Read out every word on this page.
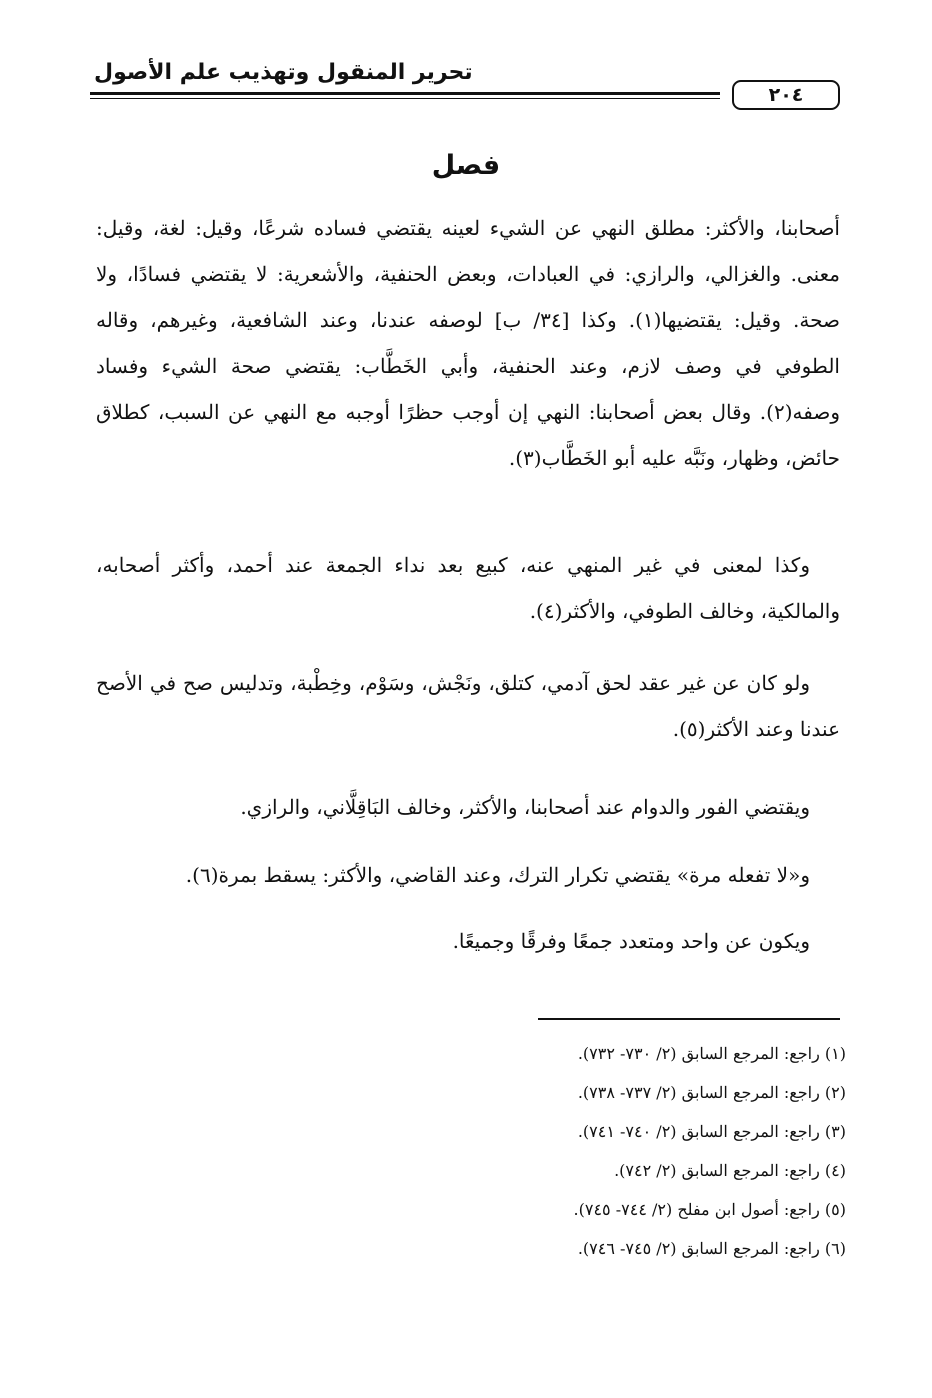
تحرير المنقول وتهذيب علم الأصول
٢٠٤
فصل

أصحابنا، والأكثر: مطلق النهي عن الشيء لعينه يقتضي فساده شرعًا، وقيل: لغة، وقيل: معنى. والغزالي، والرازي: في العبادات، وبعض الحنفية، والأشعرية: لا يقتضي فسادًا، ولا صحة. وقيل: يقتضيها(١). وكذا [٣٤/ ب] لوصفه عندنا، وعند الشافعية، وغيرهم، وقاله الطوفي في وصف لازم، وعند الحنفية، وأبي الخَطَّاب: يقتضي صحة الشيء وفساد وصفه(٢). وقال بعض أصحابنا: النهي إن أوجب حظرًا أوجبه مع النهي عن السبب، كطلاق حائض، وظهار، ونَبَّه عليه أبو الخَطَّاب(٣).

وكذا لمعنى في غير المنهي عنه، كبيع بعد نداء الجمعة عند أحمد، وأكثر أصحابه، والمالكية، وخالف الطوفي، والأكثر(٤).

ولو كان عن غير عقد لحق آدمي، كتلق، ونَجْش، وسَوْم، وخِطْبة، وتدليس صح في الأصح عندنا وعند الأكثر(٥).

ويقتضي الفور والدوام عند أصحابنا، والأكثر، وخالف البَاقِلَّاني، والرازي.

و«لا تفعله مرة» يقتضي تكرار الترك، وعند القاضي، والأكثر: يسقط بمرة(٦).

ويكون عن واحد ومتعدد جمعًا وفرقًا وجميعًا.

(١) راجع: المرجع السابق (٢/ ٧٣٠- ٧٣٢).
(٢) راجع: المرجع السابق (٢/ ٧٣٧- ٧٣٨).
(٣) راجع: المرجع السابق (٢/ ٧٤٠- ٧٤١).
(٤) راجع: المرجع السابق (٢/ ٧٤٢).
(٥) راجع: أصول ابن مفلح (٢/ ٧٤٤- ٧٤٥).
(٦) راجع: المرجع السابق (٢/ ٧٤٥- ٧٤٦).
